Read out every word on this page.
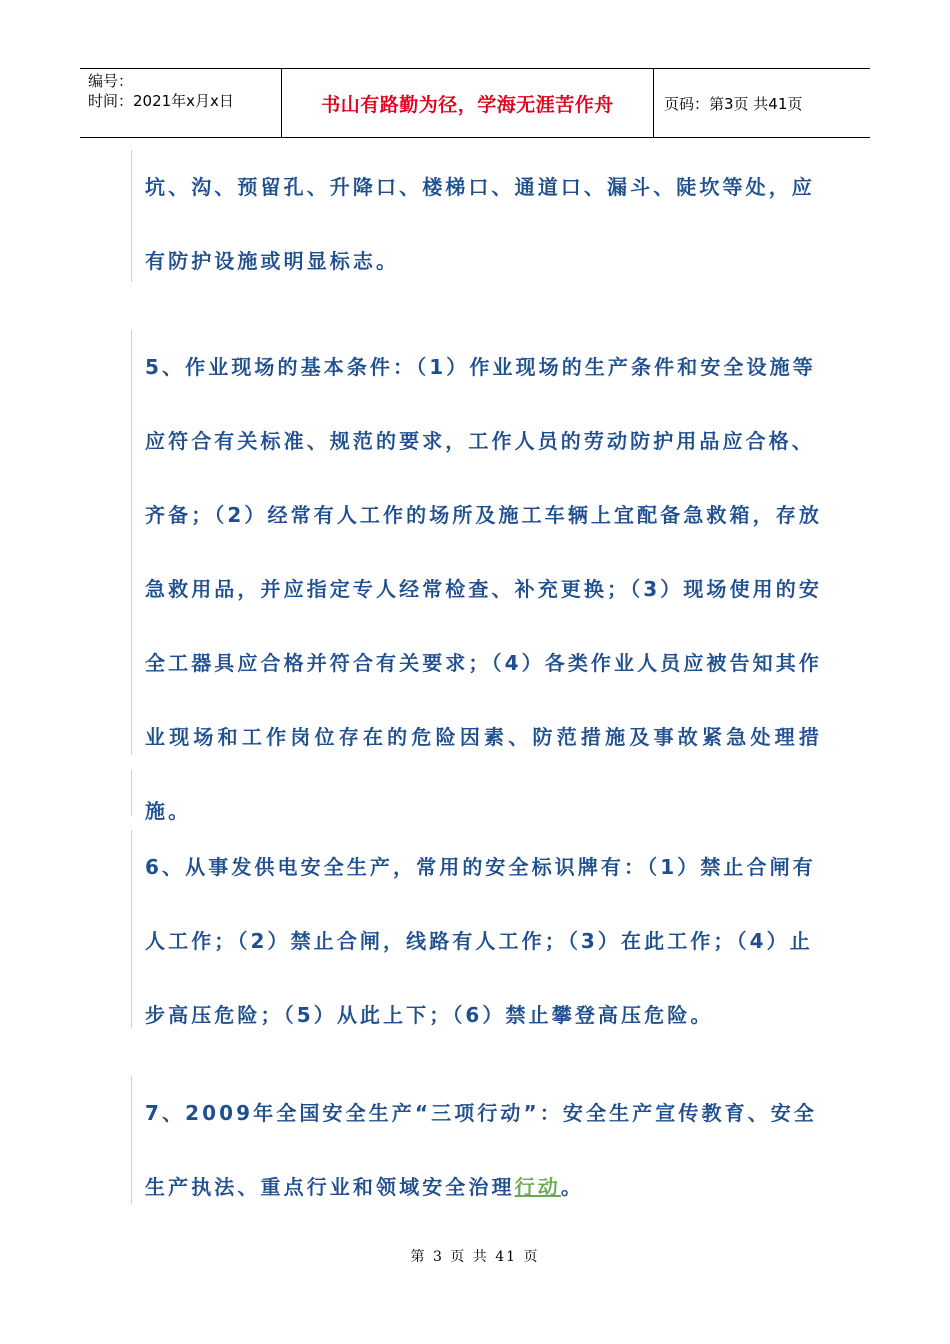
编号：
时间：2021年x月x日	书山有路勤为径，学海无涯苦作舟	页码：第3页 共41页

坑、沟、预留孔、升降口、楼梯口、通道口、漏斗、陡坎等处，应

有防护设施或明显标志。

5、作业现场的基本条件：（1）作业现场的生产条件和安全设施等

应符合有关标准、规范的要求，工作人员的劳动防护用品应合格、

齐备；（2）经常有人工作的场所及施工车辆上宜配备急救箱，存放

急救用品，并应指定专人经常检查、补充更换；（3）现场使用的安

全工器具应合格并符合有关要求；（4）各类作业人员应被告知其作

业现场和工作岗位存在的危险因素、防范措施及事故紧急处理措施。

6、从事发供电安全生产，常用的安全标识牌有：（1）禁止合闸有

人工作；（2）禁止合闸，线路有人工作；（3）在此工作；（4）止

步高压危险；（5）从此上下；（6）禁止攀登高压危险。

7、2009年全国安全生产“三项行动”：安全生产宣传教育、安全

生产执法、重点行业和领域安全治理行动。

第 3 页 共 41 页
